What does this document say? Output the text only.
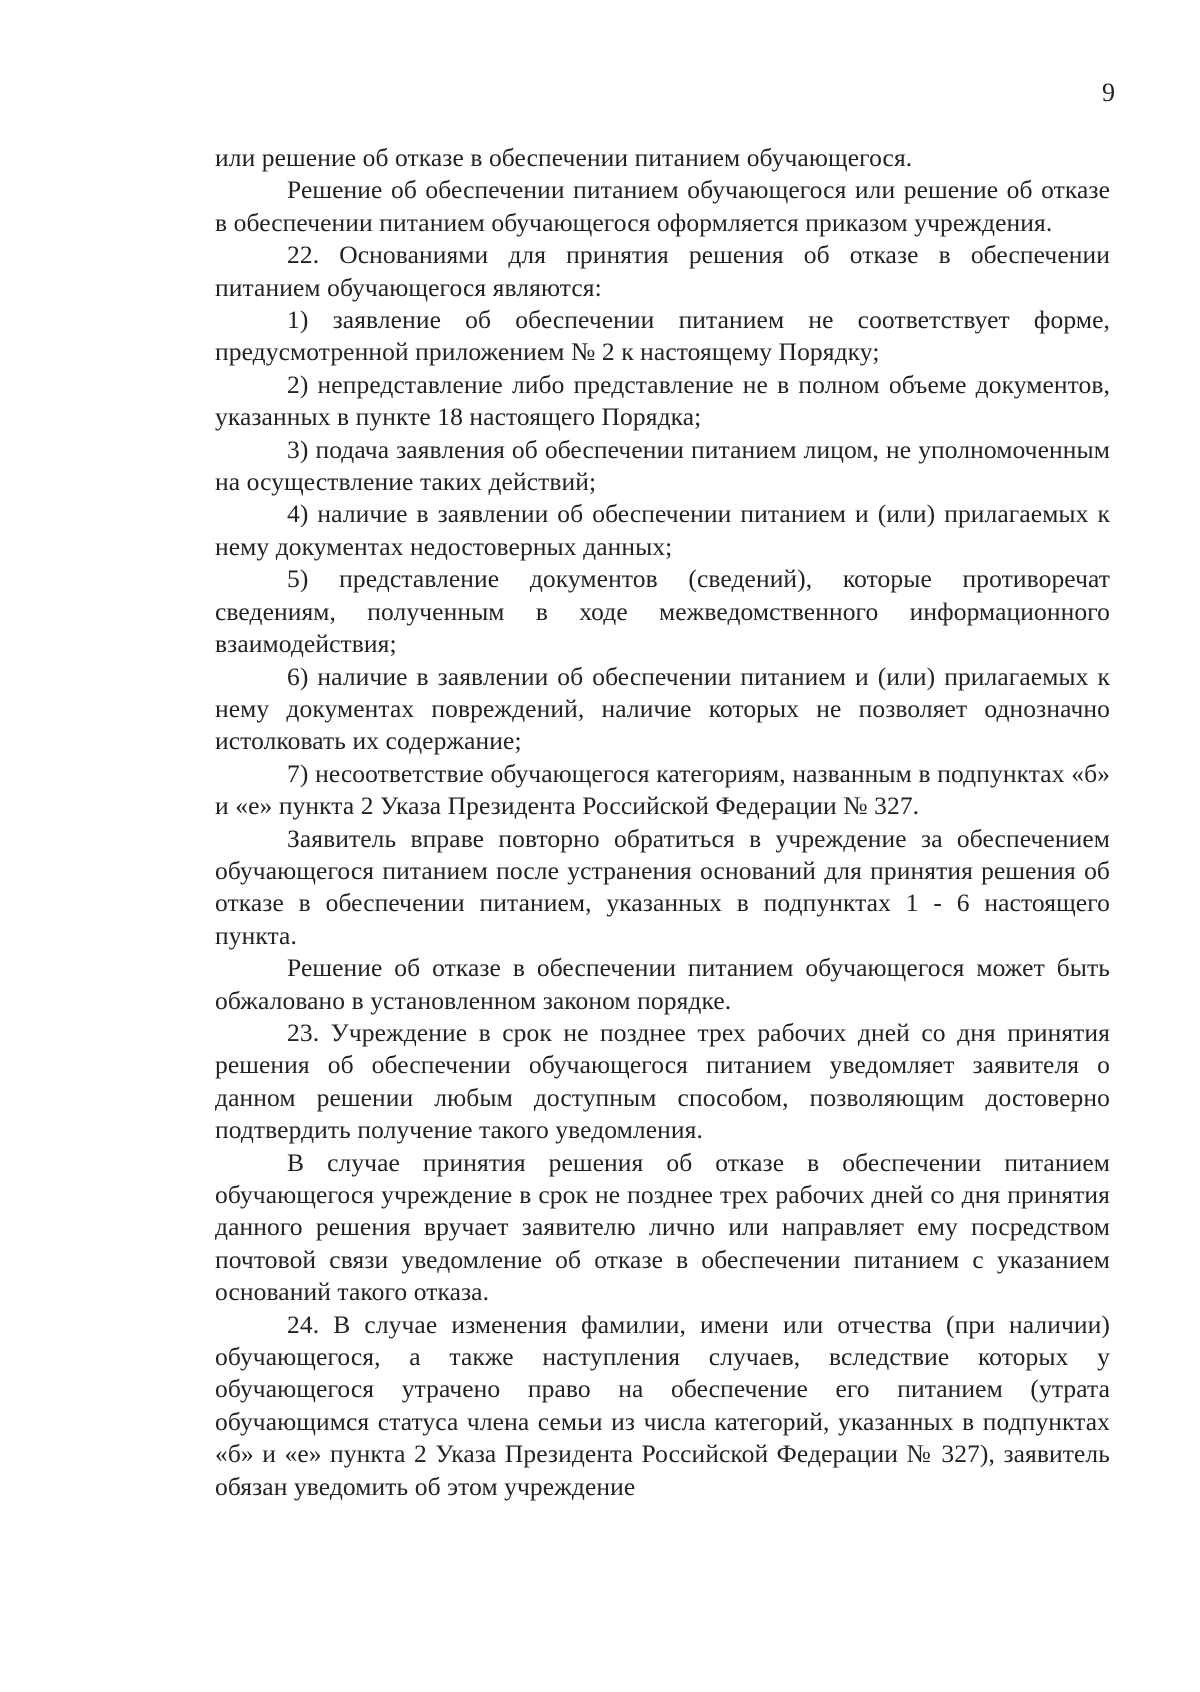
9

или решение об отказе в обеспечении питанием обучающегося.

Решение об обеспечении питанием обучающегося или решение об отказе в обеспечении питанием обучающегося оформляется приказом учреждения.

22. Основаниями для принятия решения об отказе в обеспечении питанием обучающегося являются:

1) заявление об обеспечении питанием не соответствует форме, предусмотренной приложением № 2 к настоящему Порядку;

2) непредставление либо представление не в полном объеме документов, указанных в пункте 18 настоящего Порядка;

3) подача заявления об обеспечении питанием лицом, не уполномоченным на осуществление таких действий;

4) наличие в заявлении об обеспечении питанием и (или) прилагаемых к нему документах недостоверных данных;

5) представление документов (сведений), которые противоречат сведениям, полученным в ходе межведомственного информационного взаимодействия;

6) наличие в заявлении об обеспечении питанием и (или) прилагаемых к нему документах повреждений, наличие которых не позволяет однозначно истолковать их содержание;

7) несоответствие обучающегося категориям, названным в подпунктах «б» и «е» пункта 2 Указа Президента Российской Федерации № 327.

Заявитель вправе повторно обратиться в учреждение за обеспечением обучающегося питанием после устранения оснований для принятия решения об отказе в обеспечении питанием, указанных в подпунктах 1 - 6 настоящего пункта.

Решение об отказе в обеспечении питанием обучающегося может быть обжаловано в установленном законом порядке.

23. Учреждение в срок не позднее трех рабочих дней со дня принятия решения об обеспечении обучающегося питанием уведомляет заявителя о данном решении любым доступным способом, позволяющим достоверно подтвердить получение такого уведомления.

В случае принятия решения об отказе в обеспечении питанием обучающегося учреждение в срок не позднее трех рабочих дней со дня принятия данного решения вручает заявителю лично или направляет ему посредством почтовой связи уведомление об отказе в обеспечении питанием с указанием оснований такого отказа.

24. В случае изменения фамилии, имени или отчества (при наличии) обучающегося, а также наступления случаев, вследствие которых у обучающегося утрачено право на обеспечение его питанием (утрата обучающимся статуса члена семьи из числа категорий, указанных в подпунктах «б» и «е» пункта 2 Указа Президента Российской Федерации № 327), заявитель обязан уведомить об этом учреждение
